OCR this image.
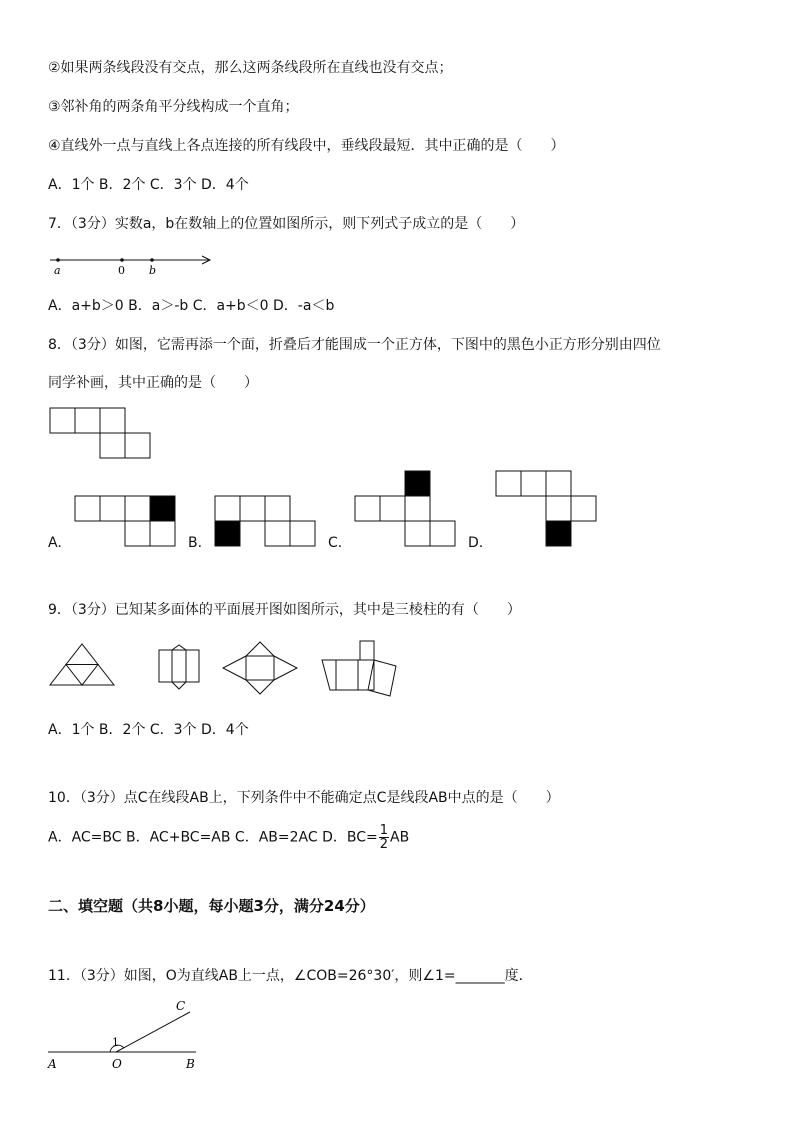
②如果两条线段没有交点，那么这两条线段所在直线也没有交点；
③邻补角的两条角平分线构成一个直角；
④直线外一点与直线上各点连接的所有线段中，垂线段最短．其中正确的是（　　）
A．1个 B．2个 C．3个 D．4个
7．（3分）实数a，b在数轴上的位置如图所示，则下列式子成立的是（　　）
a	0 b
A．a+b＞0 B．a＞-b C．a+b＜0 D．-a＜b
8．（3分）如图，它需再添一个面，折叠后才能围成一个正方体，下图中的黑色小正方形分别由四位
同学补画，其中正确的是（　　）
A.	B.	C.	D.
9．（3分）已知某多面体的平面展开图如图所示，其中是三棱柱的有（　　）
A．1个 B．2个 C．3个 D．4个
10．（3分）点C在线段AB上，下列条件中不能确定点C是线段AB中点的是（　　）
A．AC=BC B．AC+BC=AB C．AB=2AC D．$BC= \frac{1}{2}$ AB
二、填空题（共8小题，每小题3分，满分24分）
11．（3分）如图，O为直线AB上一点，∠COB=26°30′，则∠1=_______度．
A	O	B
C
1
